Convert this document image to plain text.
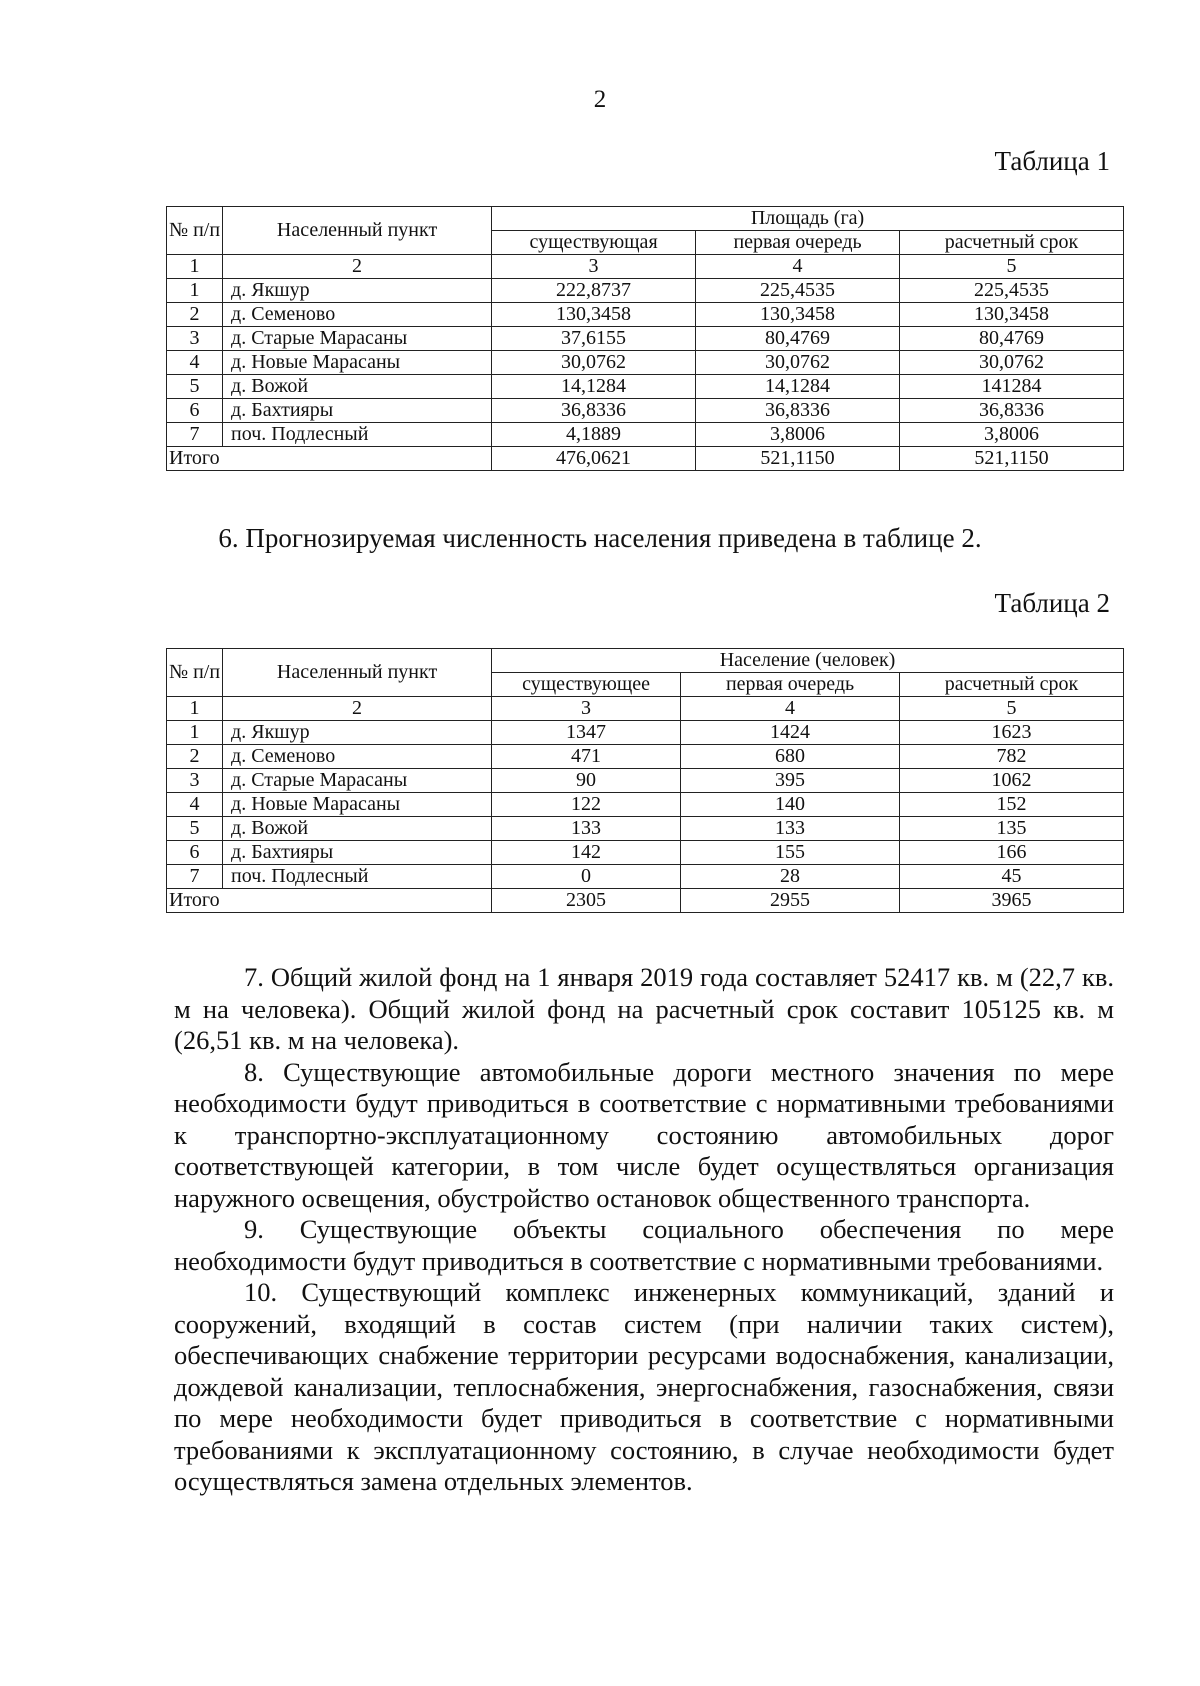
2
Таблица 1
№ п/п	Населенный пункт	Площадь (га)		
		существующая	первая очередь	расчетный срок
1	2	3	4	5
1	д. Якшур	222,8737	225,4535	225,4535
2	д. Семеново	130,3458	130,3458	130,3458
3	д. Старые Марасаны	37,6155	80,4769	80,4769
4	д. Новые Марасаны	30,0762	30,0762	30,0762
5	д. Вожой	14,1284	14,1284	141284
6	д. Бахтияры	36,8336	36,8336	36,8336
7	поч. Подлесный	4,1889	3,8006	3,8006
Итого		476,0621	521,1150	521,1150
6. Прогнозируемая численность населения приведена в таблице 2.
Таблица 2
№ п/п	Населенный пункт	Население (человек)		
		существующее	первая очередь	расчетный срок
1	2	3	4	5
1	д. Якшур	1347	1424	1623
2	д. Семеново	471	680	782
3	д. Старые Марасаны	90	395	1062
4	д. Новые Марасаны	122	140	152
5	д. Вожой	133	133	135
6	д. Бахтияры	142	155	166
7	поч. Подлесный	0	28	45
Итого		2305	2955	3965

7. Общий жилой фонд на 1 января 2019 года составляет 52417 кв. м (22,7 кв. м на человека). Общий жилой фонд на расчетный срок составит 105125 кв. м (26,51 кв. м на человека).

8. Существующие автомобильные дороги местного значения по мере необходимости будут приводиться в соответствие с нормативными требованиями к транспортно-эксплуатационному состоянию автомобильных дорог соответствующей категории, в том числе будет осуществляться организация наружного освещения, обустройство остановок общественного транспорта.

9. Существующие объекты социального обеспечения по мере необходимости будут приводиться в соответствие с нормативными требованиями.

10. Существующий комплекс инженерных коммуникаций, зданий и сооружений, входящий в состав систем (при наличии таких систем), обеспечивающих снабжение территории ресурсами водоснабжения, канализации, дождевой канализации, теплоснабжения, энергоснабжения, газоснабжения, связи по мере необходимости будет приводиться в соответствие с нормативными требованиями к эксплуатационному состоянию, в случае необходимости будет осуществляться замена отдельных элементов.
